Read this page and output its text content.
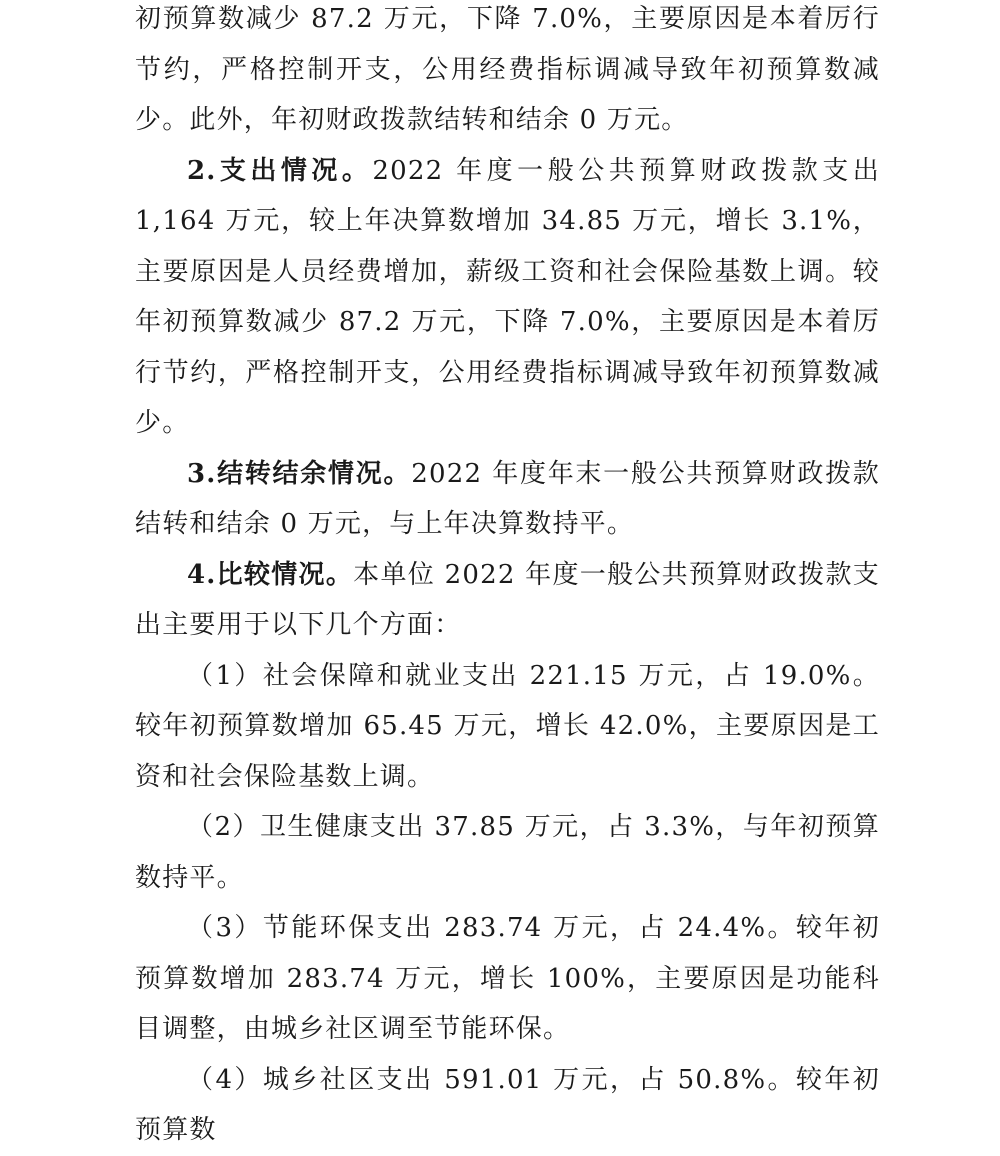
初预算数减少 87.2 万元，下降 7.0%，主要原因是本着厉行节约，严格控制开支，公用经费指标调减导致年初预算数减少。此外，年初财政拨款结转和结余 0 万元。

2.支出情况。2022 年度一般公共预算财政拨款支出 1,164 万元，较上年决算数增加 34.85 万元，增长 3.1%，主要原因是人员经费增加，薪级工资和社会保险基数上调。较年初预算数减少 87.2 万元，下降 7.0%，主要原因是本着厉行节约，严格控制开支，公用经费指标调减导致年初预算数减少。

3.结转结余情况。2022 年度年末一般公共预算财政拨款结转和结余 0 万元，与上年决算数持平。

4.比较情况。本单位 2022 年度一般公共预算财政拨款支出主要用于以下几个方面：

（1）社会保障和就业支出 221.15 万元，占 19.0%。较年初预算数增加 65.45 万元，增长 42.0%，主要原因是工资和社会保险基数上调。

（2）卫生健康支出 37.85 万元，占 3.3%，与年初预算数持平。

（3）节能环保支出 283.74 万元，占 24.4%。较年初预算数增加 283.74 万元，增长 100%，主要原因是功能科目调整，由城乡社区调至节能环保。

（4）城乡社区支出 591.01 万元，占 50.8%。较年初预算数
